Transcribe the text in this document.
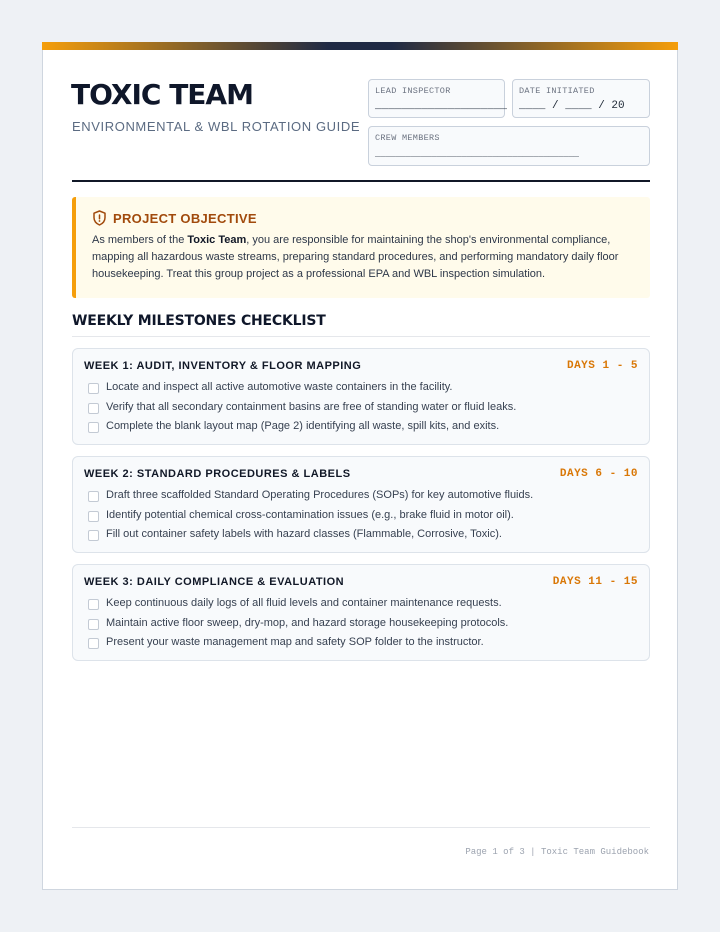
TOXIC TEAM
ENVIRONMENTAL & WBL ROTATION GUIDE
LEAD INSPECTOR
____________________
DATE INITIATED
____ / ____ / 20
CREW MEMBERS
________________________________________
PROJECT OBJECTIVE
As members of the Toxic Team, you are responsible for maintaining the shop's environmental compliance, mapping all hazardous waste streams, preparing standard procedures, and performing mandatory daily floor housekeeping. Treat this group project as a professional EPA and WBL inspection simulation.
WEEKLY MILESTONES CHECKLIST
WEEK 1: AUDIT, INVENTORY & FLOOR MAPPING	DAYS 1 - 5
Locate and inspect all active automotive waste containers in the facility.
Verify that all secondary containment basins are free of standing water or fluid leaks.
Complete the blank layout map (Page 2) identifying all waste, spill kits, and exits.
WEEK 2: STANDARD PROCEDURES & LABELS	DAYS 6 - 10
Draft three scaffolded Standard Operating Procedures (SOPs) for key automotive fluids.
Identify potential chemical cross-contamination issues (e.g., brake fluid in motor oil).
Fill out container safety labels with hazard classes (Flammable, Corrosive, Toxic).
WEEK 3: DAILY COMPLIANCE & EVALUATION	DAYS 11 - 15
Keep continuous daily logs of all fluid levels and container maintenance requests.
Maintain active floor sweep, dry-mop, and hazard storage housekeeping protocols.
Present your waste management map and safety SOP folder to the instructor.
Page 1 of 3 | Toxic Team Guidebook
